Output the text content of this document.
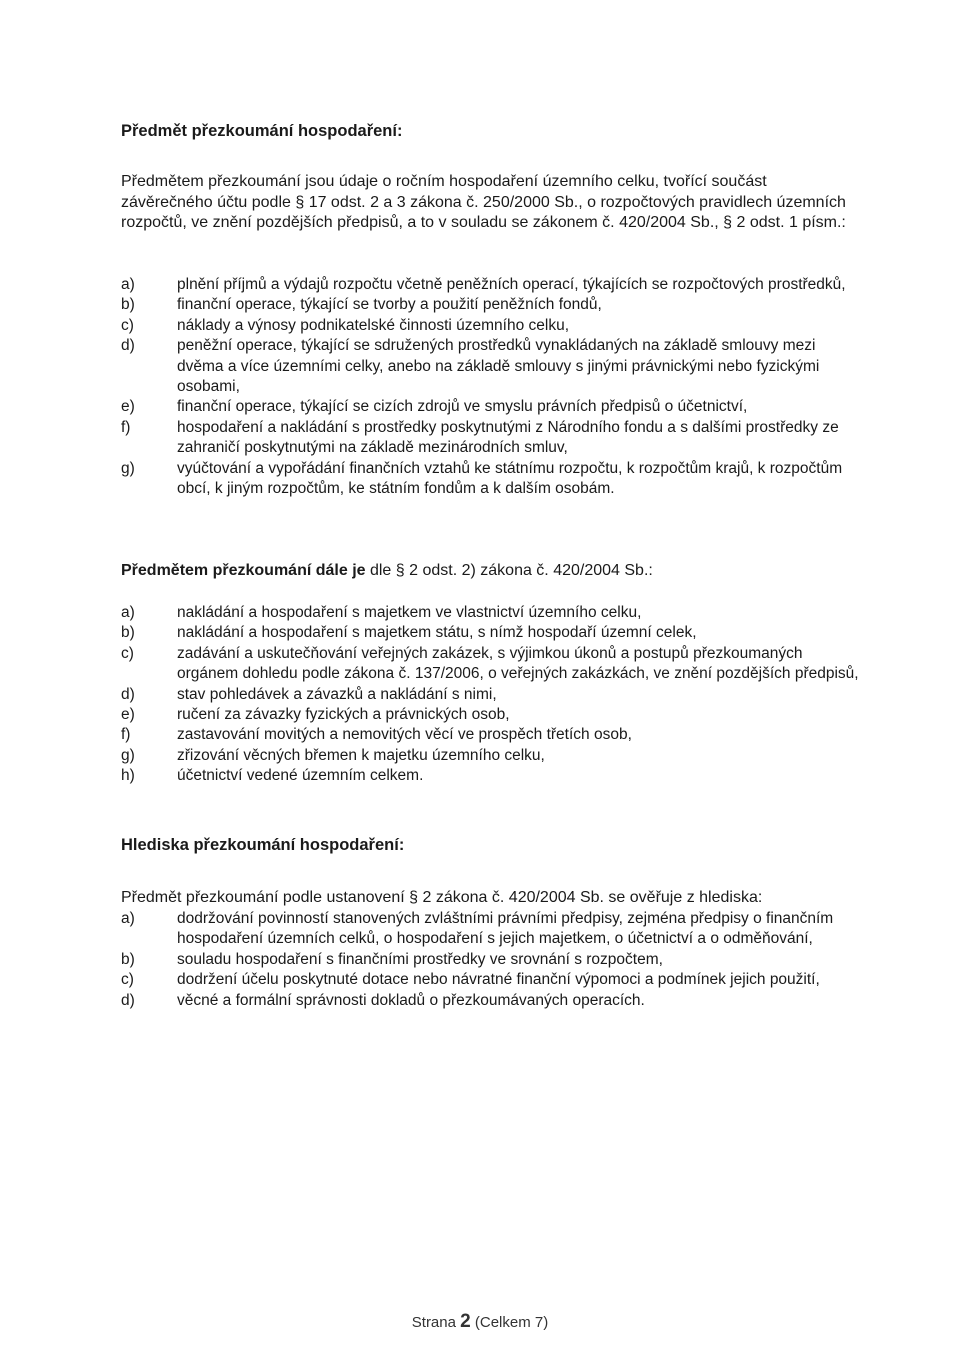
Předmět přezkoumání hospodaření:
Předmětem přezkoumání jsou údaje o ročním hospodaření územního celku, tvořící součást závěrečného účtu podle § 17 odst. 2 a 3 zákona č. 250/2000 Sb., o rozpočtových pravidlech územních rozpočtů, ve znění pozdějších předpisů, a to v souladu se zákonem č. 420/2004 Sb., § 2 odst. 1 písm.:
a)	plnění příjmů a výdajů rozpočtu včetně peněžních operací, týkajících se rozpočtových prostředků,
b)	finanční operace, týkající se tvorby a použití peněžních fondů,
c)	náklady a výnosy podnikatelské činnosti územního celku,
d)	peněžní operace, týkající se sdružených prostředků vynakládaných na základě smlouvy mezi dvěma a více územními celky, anebo na základě smlouvy s jinými právnickými nebo fyzickými osobami,
e)	finanční operace, týkající se cizích zdrojů ve smyslu právních předpisů o účetnictví,
f)	hospodaření a nakládání s prostředky poskytnutými z Národního fondu a s dalšími prostředky ze zahraničí poskytnutými na základě mezinárodních smluv,
g)	vyúčtování a vypořádání finančních vztahů ke státnímu rozpočtu, k rozpočtům krajů, k rozpočtům obcí, k jiným rozpočtům, ke státním fondům a k dalším osobám.
Předmětem přezkoumání dále je dle § 2 odst. 2) zákona č. 420/2004 Sb.:
a)	nakládání a hospodaření s majetkem ve vlastnictví územního celku,
b)	nakládání a hospodaření s majetkem státu, s nímž hospodaří územní celek,
c)	zadávání a uskutečňování veřejných zakázek, s výjimkou úkonů a postupů přezkoumaných orgánem dohledu podle zákona č. 137/2006, o veřejných zakázkách, ve znění pozdějších předpisů,
d)	stav pohledávek a závazků a nakládání s nimi,
e)	ručení za závazky fyzických a právnických osob,
f)	zastavování movitých a nemovitých věcí ve prospěch třetích osob,
g)	zřizování věcných břemen k majetku územního celku,
h)	účetnictví vedené územním celkem.
Hlediska přezkoumání hospodaření:
Předmět přezkoumání podle ustanovení § 2 zákona č. 420/2004 Sb. se ověřuje z hlediska:
a)	dodržování povinností stanovených zvláštními právními předpisy, zejména předpisy o finančním hospodaření územních celků, o hospodaření s jejich majetkem, o účetnictví a o odměňování,
b)	souladu hospodaření s finančními prostředky ve srovnání s rozpočtem,
c)	dodržení účelu poskytnuté dotace nebo návratné finanční výpomoci a podmínek jejich použití,
d)	věcné a formální správnosti dokladů o přezkoumávaných operacích.
Strana 2 (Celkem 7)
